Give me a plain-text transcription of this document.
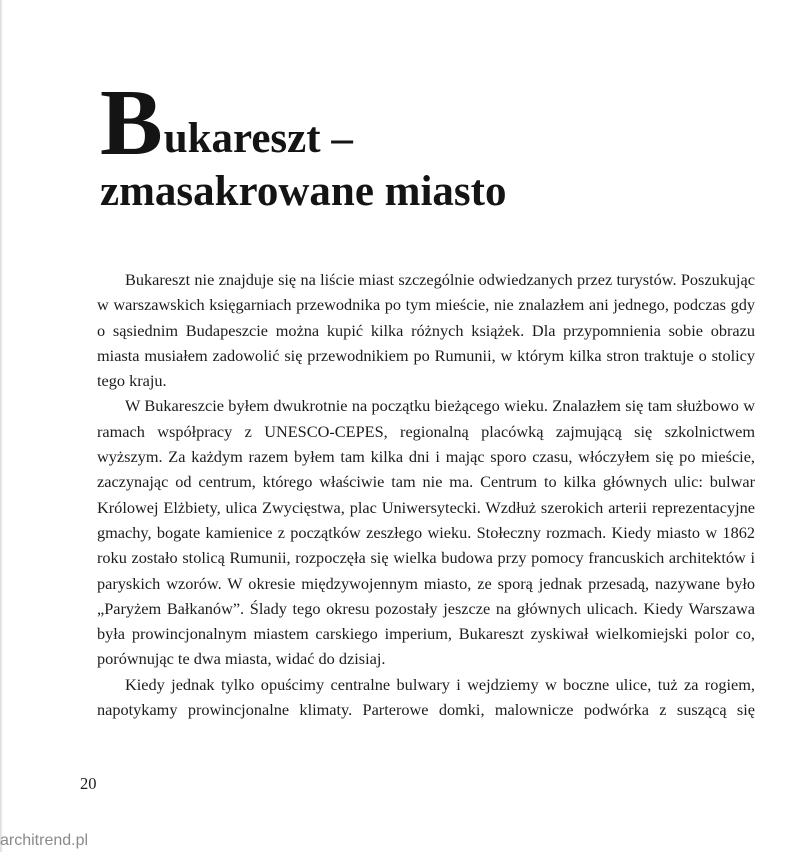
B ukareszt –
zmasakrowane miasto

Bukareszt nie znajduje się na liście miast szczególnie odwiedzanych przez turystów. Poszukując w warszawskich księgarniach przewodnika po tym mieście, nie znalazłem ani jednego, podczas gdy o sąsiednim Budapeszcie można kupić kilka różnych książek. Dla przypomnienia sobie obrazu miasta musiałem zadowolić się przewodnikiem po Rumunii, w którym kilka stron traktuje o stolicy tego kraju.

W Bukareszcie byłem dwukrotnie na początku bieżącego wieku. Znalazłem się tam służbowo w ramach współpracy z UNESCO-CEPES, regionalną placówką zajmującą się szkolnictwem wyższym. Za każdym razem byłem tam kilka dni i mając sporo czasu, włóczyłem się po mieście, zaczynając od centrum, którego właściwie tam nie ma. Centrum to kilka głównych ulic: bulwar Królowej Elżbiety, ulica Zwycięstwa, plac Uniwersytecki. Wzdłuż szerokich arterii reprezentacyjne gmachy, bogate kamienice z początków zeszłego wieku. Stołeczny rozmach. Kiedy miasto w 1862 roku zostało stolicą Rumunii, rozpoczęła się wielka budowa przy pomocy francuskich architektów i paryskich wzorów. W okresie międzywojennym miasto, ze sporą jednak przesadą, nazywane było „Paryżem Bałkanów”. Ślady tego okresu pozostały jeszcze na głównych ulicach. Kiedy Warszawa była prowincjonalnym miastem carskiego imperium, Bukareszt zyskiwał wielkomiejski polor co, porównując te dwa miasta, widać do dzisiaj.

Kiedy jednak tylko opuścimy centralne bulwary i wejdziemy w boczne ulice, tuż za rogiem, napotykamy prowincjonalne klimaty. Parterowe domki, malownicze podwórka z suszącą się

20
architrend.pl
